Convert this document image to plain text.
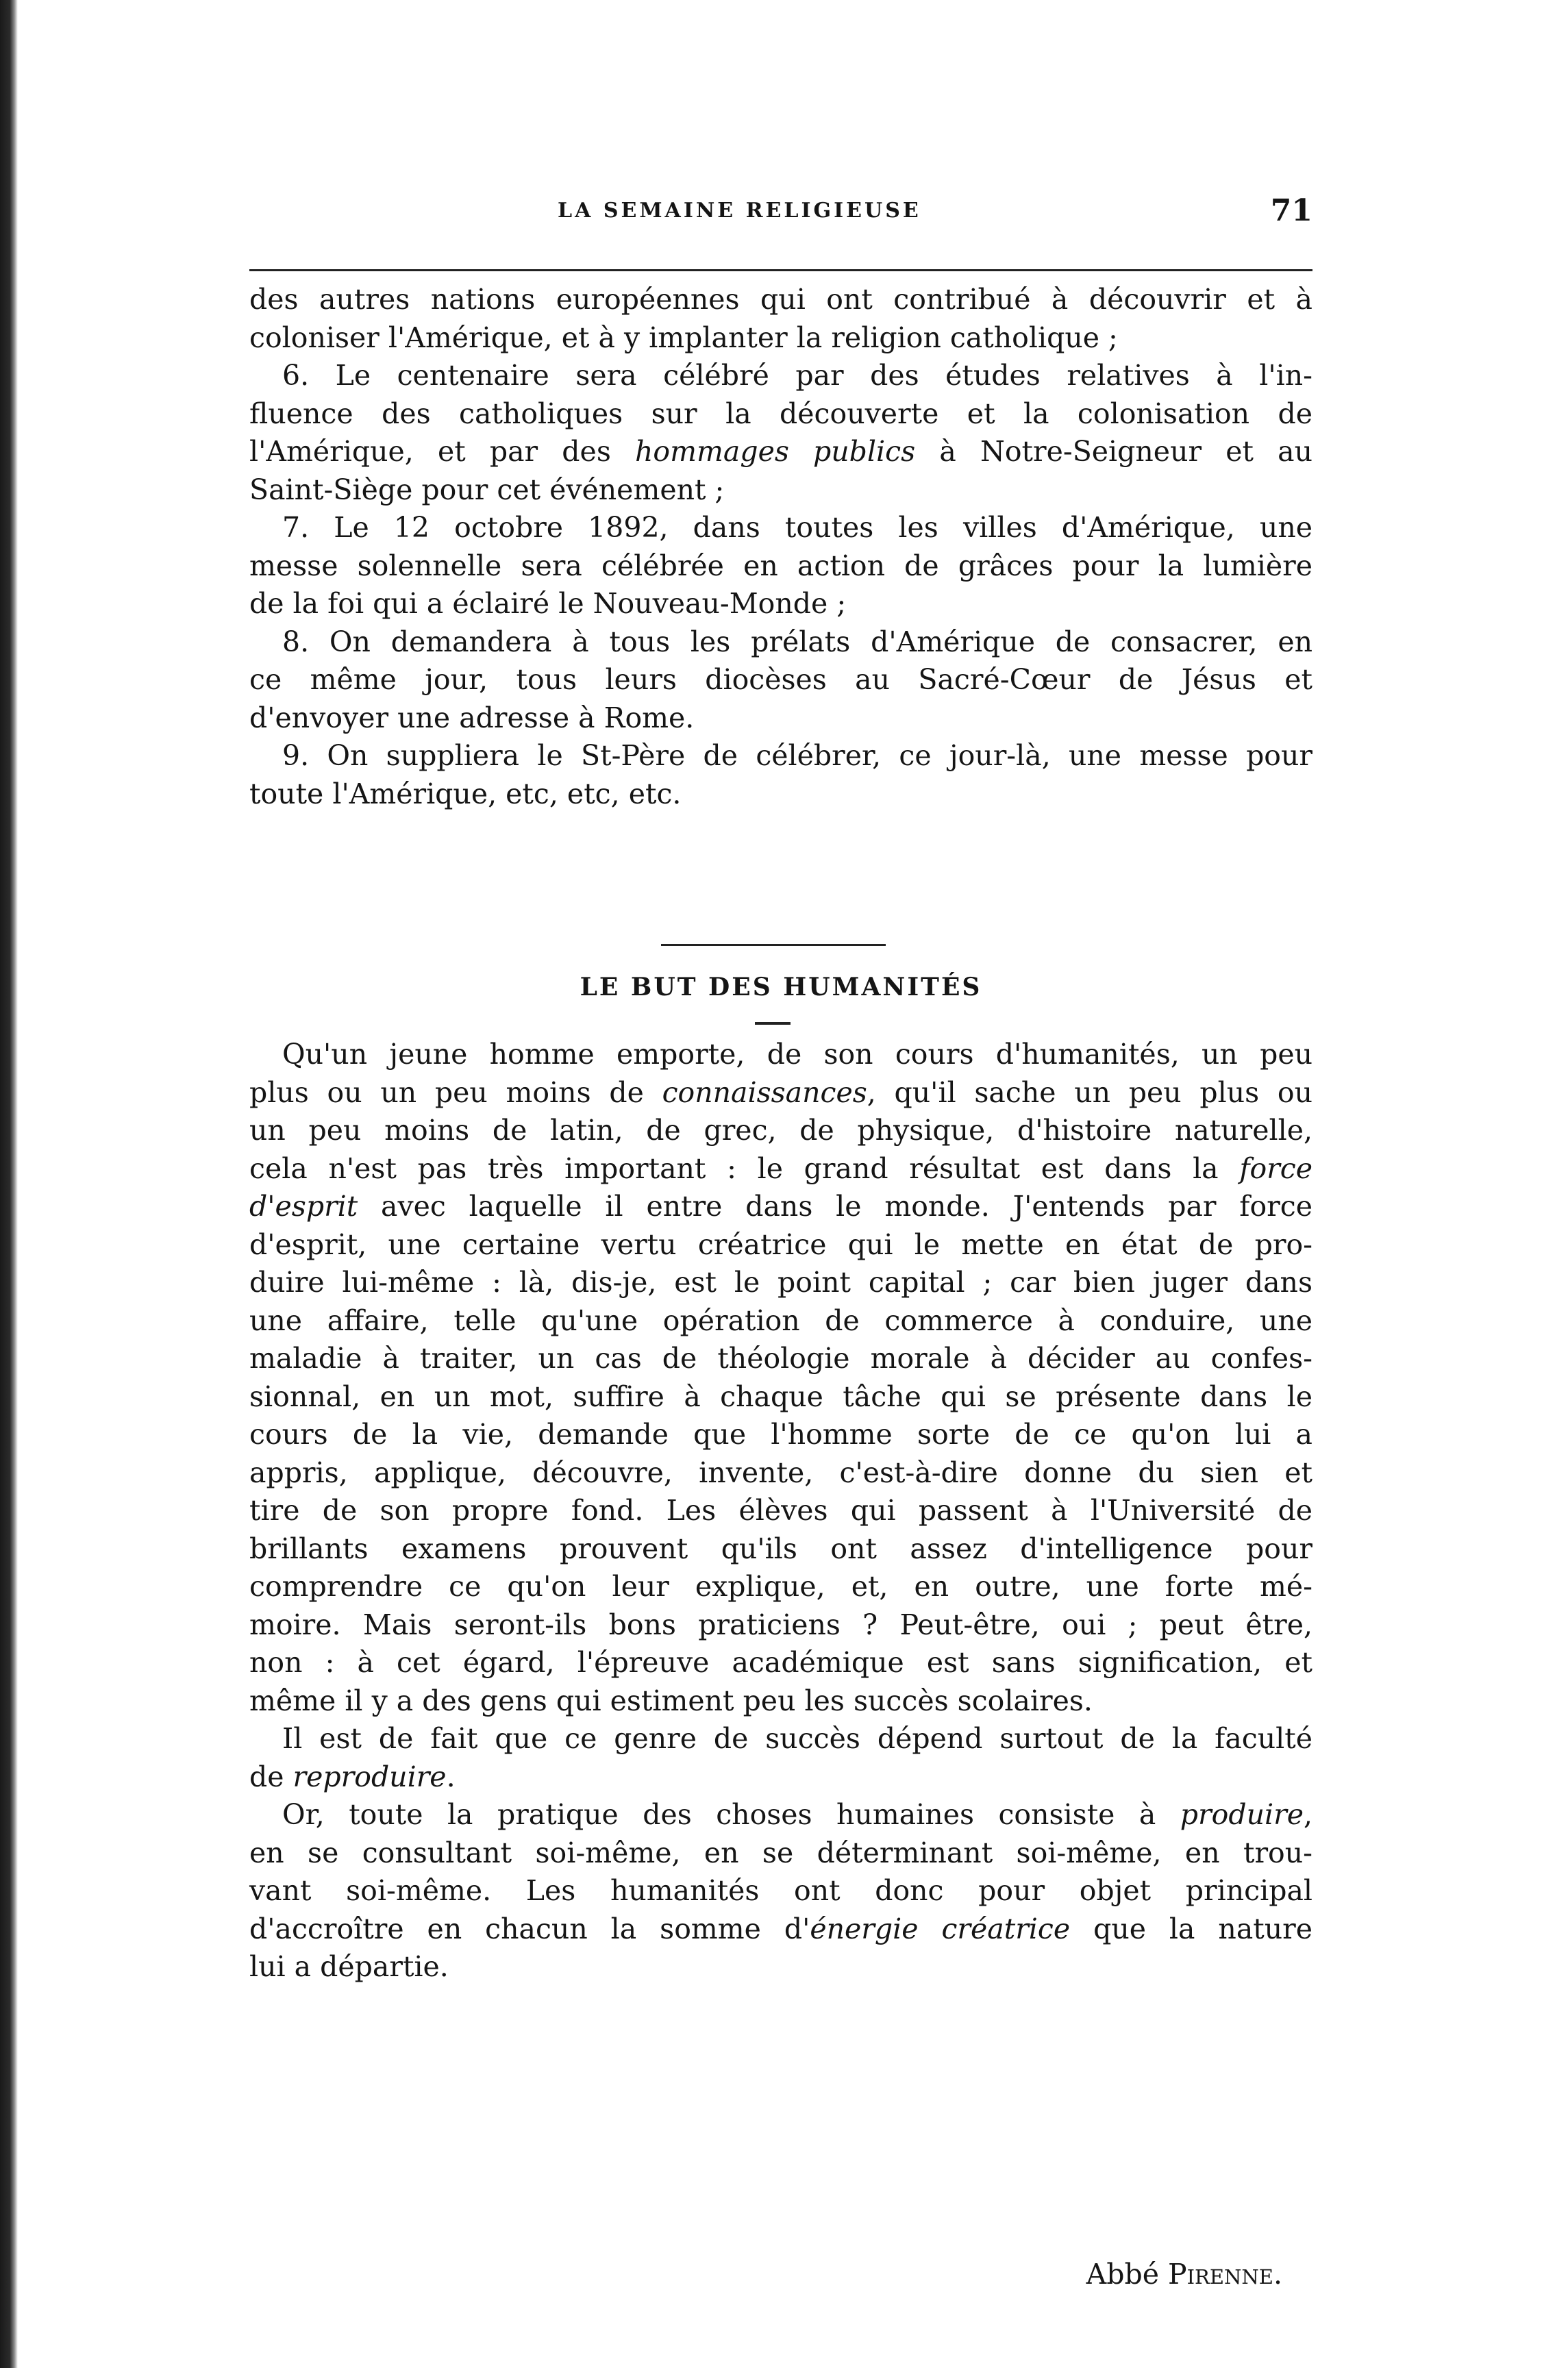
LA SEMAINE RELIGIEUSE	71

des autres nations européennes qui ont contribué à découvrir et à
coloniser l'Amérique, et à y implanter la religion catholique ;

6. Le centenaire sera célébré par des études relatives à l'in-
fluence des catholiques sur la découverte et la colonisation de
l'Amérique, et par des hommages publics à Notre-Seigneur et au
Saint-Siège pour cet événement ;

7. Le 12 octobre 1892, dans toutes les villes d'Amérique, une
messe solennelle sera célébrée en action de grâces pour la lumière
de la foi qui a éclairé le Nouveau-Monde ;

8. On demandera à tous les prélats d'Amérique de consacrer, en
ce même jour, tous leurs diocèses au Sacré-Cœur de Jésus et
d'envoyer une adresse à Rome.

9. On suppliera le St-Père de célébrer, ce jour-là, une messe pour
toute l'Amérique, etc, etc, etc.

LE BUT DES HUMANITÉS

Qu'un jeune homme emporte, de son cours d'humanités, un peu
plus ou un peu moins de connaissances, qu'il sache un peu plus ou
un peu moins de latin, de grec, de physique, d'histoire naturelle,
cela n'est pas très important : le grand résultat est dans la force
d'esprit avec laquelle il entre dans le monde. J'entends par force
d'esprit, une certaine vertu créatrice qui le mette en état de pro-
duire lui-même : là, dis-je, est le point capital ; car bien juger dans
une affaire, telle qu'une opération de commerce à conduire, une
maladie à traiter, un cas de théologie morale à décider au confes-
sionnal, en un mot, suffire à chaque tâche qui se présente dans le
cours de la vie, demande que l'homme sorte de ce qu'on lui a
appris, applique, découvre, invente, c'est-à-dire donne du sien et
tire de son propre fond. Les élèves qui passent à l'Université de
brillants examens prouvent qu'ils ont assez d'intelligence pour
comprendre ce qu'on leur explique, et, en outre, une forte mé-
moire. Mais seront-ils bons praticiens ? Peut-être, oui ; peut être,
non : à cet égard, l'épreuve académique est sans signification, et
même il y a des gens qui estiment peu les succès scolaires.

Il est de fait que ce genre de succès dépend surtout de la faculté
de reproduire.

Or, toute la pratique des choses humaines consiste à produire,
en se consultant soi-même, en se déterminant soi-même, en trou-
vant soi-même. Les humanités ont donc pour objet principal
d'accroître en chacun la somme d'énergie créatrice que la nature
lui a départie.

Abbé Pirenne.
